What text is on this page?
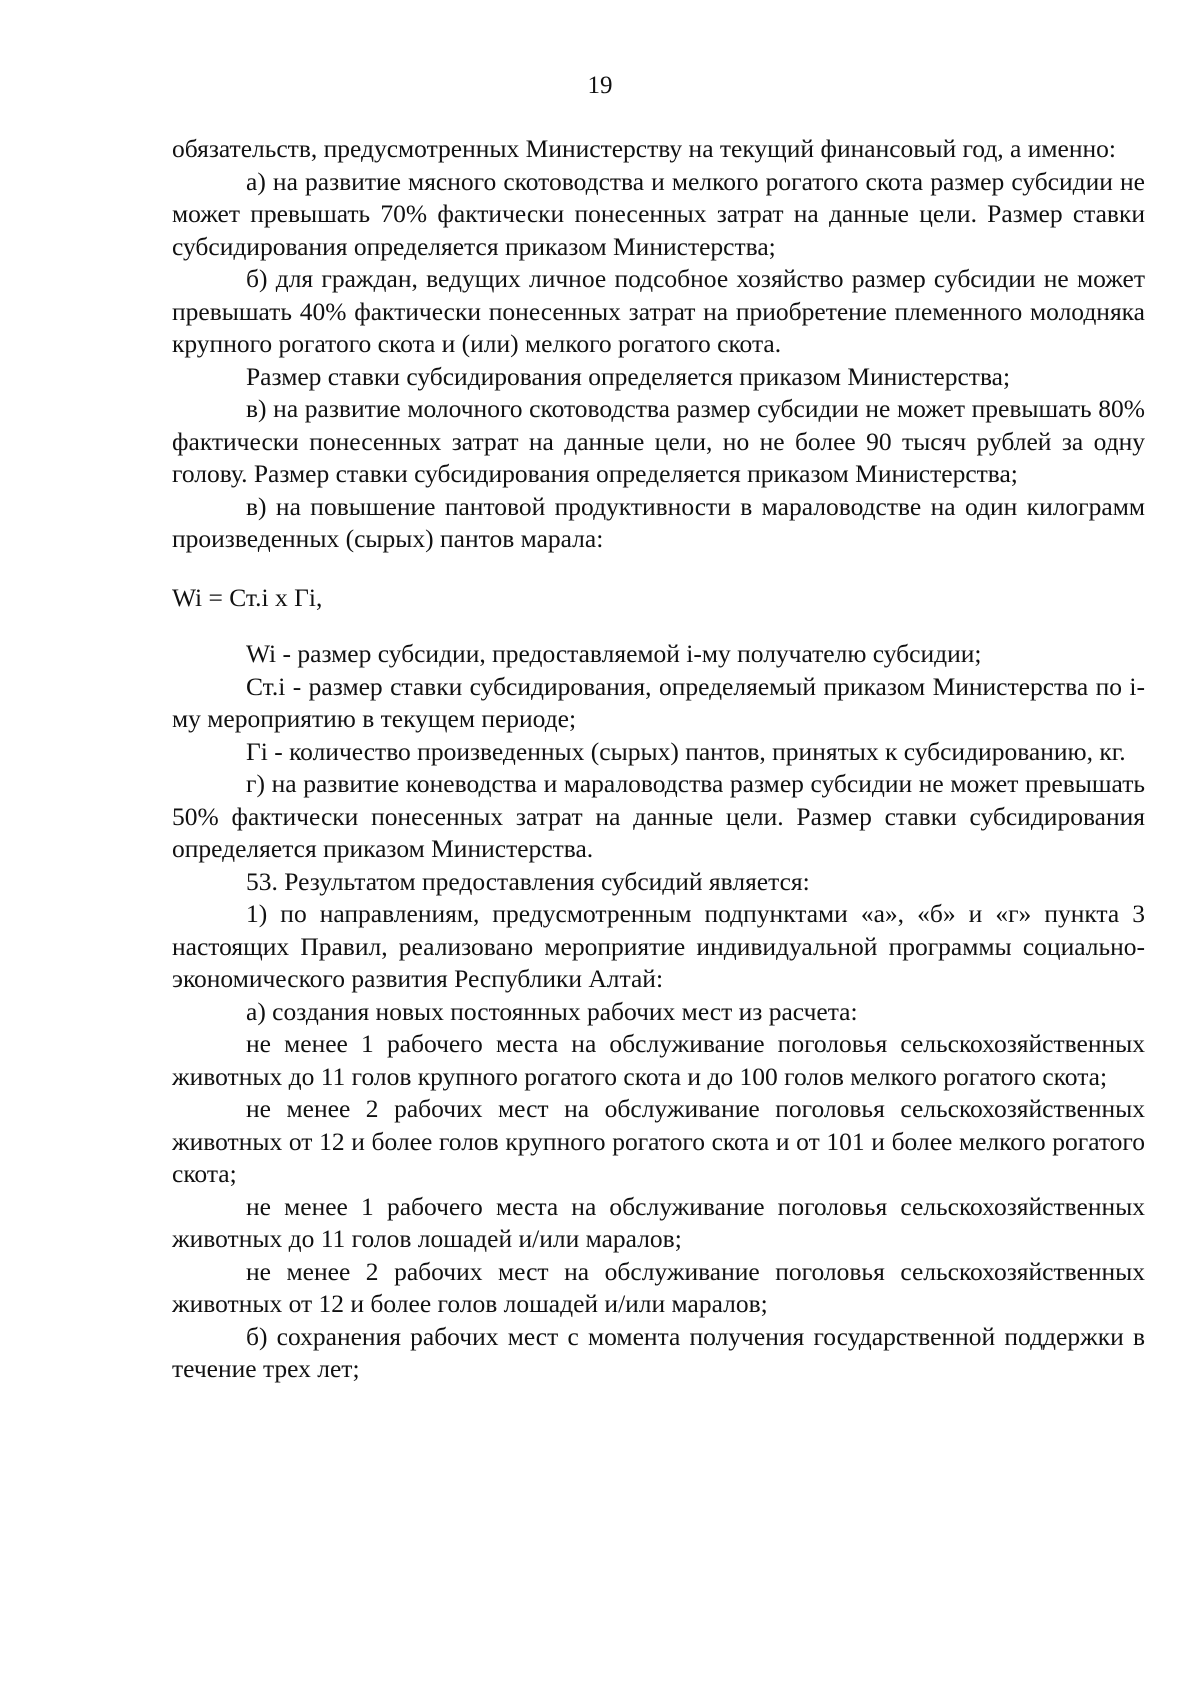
19

обязательств, предусмотренных Министерству на текущий финансовый год, а именно:

а) на развитие мясного скотоводства и мелкого рогатого скота размер субсидии не может превышать 70% фактически понесенных затрат на данные цели. Размер ставки субсидирования определяется приказом Министерства;

б) для граждан, ведущих личное подсобное хозяйство размер субсидии не может превышать 40% фактически понесенных затрат на приобретение племенного молодняка крупного рогатого скота и (или) мелкого рогатого скота.

Размер ставки субсидирования определяется приказом Министерства;

в) на развитие молочного скотоводства размер субсидии не может превышать 80% фактически понесенных затрат на данные цели, но не более 90 тысяч рублей за одну голову. Размер ставки субсидирования определяется приказом Министерства;

в) на повышение пантовой продуктивности в мараловодстве на один килограмм произведенных (сырых) пантов марала:

Wi = Ст.i x Гi,

Wi - размер субсидии, предоставляемой i-му получателю субсидии;

Ст.i - размер ставки субсидирования, определяемый приказом Министерства по i-му мероприятию в текущем периоде;

Гi - количество произведенных (сырых) пантов, принятых к субсидированию, кг.

г) на развитие коневодства и мараловодства размер субсидии не может превышать 50% фактически понесенных затрат на данные цели. Размер ставки субсидирования определяется приказом Министерства.

53. Результатом предоставления субсидий является:

1) по направлениям, предусмотренным подпунктами «а», «б» и «г» пункта 3 настоящих Правил, реализовано мероприятие индивидуальной программы социально-экономического развития Республики Алтай:

а) создания новых постоянных рабочих мест из расчета:

не менее 1 рабочего места на обслуживание поголовья сельскохозяйственных животных до 11 голов крупного рогатого скота и до 100 голов мелкого рогатого скота;

не менее 2 рабочих мест на обслуживание поголовья сельскохозяйственных животных от 12 и более голов крупного рогатого скота и от 101 и более мелкого рогатого скота;

не менее 1 рабочего места на обслуживание поголовья сельскохозяйственных животных до 11 голов лошадей и/или маралов;

не менее 2 рабочих мест на обслуживание поголовья сельскохозяйственных животных от 12 и более голов лошадей и/или маралов;

б) сохранения рабочих мест с момента получения государственной поддержки в течение трех лет;
